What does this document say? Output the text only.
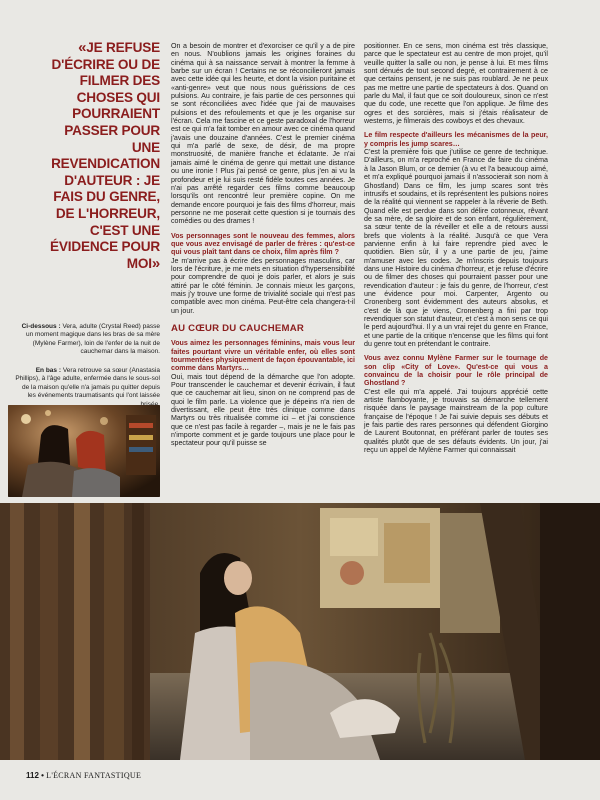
«JE REFUSE D'ÉCRIRE OU DE FILMER DES CHOSES QUI POURRAIENT PASSER POUR UNE REVENDICATION D'AUTEUR : JE FAIS DU GENRE, DE L'HORREUR, C'EST UNE ÉVIDENCE POUR MOI»

Ci-dessous : Vera, adulte (Crystal Reed) passe un moment magique dans les bras de sa mère (Mylène Farmer), loin de l'enfer de la nuit de cauchemar dans la maison.

En bas : Vera retrouve sa sœur (Anastasia Phillips), à l'âge adulte, enfermée dans le sous-sol de la maison qu'elle n'a jamais pu quitter depuis les événements traumatisants qui l'ont laissée

On a besoin de montrer et d'exorciser ce qu'il y a de pire en nous. N'oublions jamais les origines foraines du cinéma qui à sa naissance servait à montrer la femme à barbe sur un écran ! Certains ne se réconcilieront jamais avec cette idée qui les heurte, et dont la vision puritaine et «anti-genre» veut que nous nous guérissions de ces pulsions. Au contraire, je fais partie de ces personnes qui se sont réconciliées avec l'idée que j'ai de mauvaises pulsions et des refoulements et que je les organise sur l'écran. Cela me fascine et ce geste paradoxal de l'horreur est ce qui m'a fait tomber en amour avec ce cinéma quand j'avais une douzaine d'années. C'est le premier cinéma qui m'a parlé de sexe, de désir, de ma propre monstruosité, de manière franche et éclatante. Je n'ai jamais aimé le cinéma de genre qui mettait une distance ou une ironie ! Plus j'ai pensé ce genre, plus j'en ai vu la profondeur et je lui suis resté fidèle toutes ces années. Je n'ai pas arrêté regarder ces films comme beaucoup lorsqu'ils ont rencontré leur première copine. On me demande encore pourquoi je fais des films d'horreur, mais personne ne me poserait cette question si je tournais des comédies ou des drames !

Vos personnages sont le nouveau des femmes, alors que vous avez envisagé de parler de frères : qu'est-ce qui vous plaît tant dans ce choix, film après film ?

Je m'arrive pas à écrire des personnages masculins, car lors de l'écriture, je me mets en situation d'hypersensibilité pour comprendre de quoi je dois parler, et alors je suis attiré par le côté féminin. Je connais mieux les garçons, mais j'y trouve une forme de trivialité sociale qui n'est pas compatible avec mon cinéma. Peut-être cela changera-t-il un jour.

AU CŒUR DU CAUCHEMAR

Vous aimez les personnages féminins, mais vous leur faites pourtant vivre un véritable enfer, où elles sont tourmentées physiquement de façon épouvantable, ici comme dans Martyrs…

Oui, mais tout dépend de la démarche que l'on adopte. Pour transcender le cauchemar et devenir écrivain, il faut que ce cauchemar ait lieu, sinon on ne comprend pas de quoi le film parle. La violence que je dépeins n'a rien de divertissant, elle peut être très clinique comme dans Martyrs ou très ritualisée comme ici – et j'ai conscience que ce n'est pas facile à regarder –, mais je ne le fais pas n'importe comment et je garde toujours une place pour le spectateur pour qu'il puisse se

positionner. En ce sens, mon cinéma est très classique, parce que le spectateur est au centre de mon projet, qu'il veuille quitter la salle ou non, je pense à lui. Et mes films sont dénués de tout second degré, et contrairement à ce que certains pensent, je ne suis pas roublard. Je ne peux pas me mettre une partie de spectateurs à dos. Quand on parle du Mal, il faut que ce soit douloureux, sinon ce n'est que du code, une recette que l'on applique. Je filme des ogres et des sorcières, mais si j'étais réalisateur de westerns, je filmerais des cowboys et des chevaux.

Le film respecte d'ailleurs les mécanismes de la peur, y compris les jump scares…

C'est la première fois que j'utilise ce genre de technique. D'ailleurs, on m'a reproché en France de faire du cinéma à la Jason Blum, or ce dernier (à vu et l'a beaucoup aimé, et m'a expliqué pourquoi jamais il n'associerait son nom à Ghostland) Dans ce film, les jump scares sont très intrusifs et soudains, et ils représentent les pulsions noires de la réalité qui viennent se rappeler à la rêverie de Beth. Quand elle est perdue dans son délire cotonneux, rêvant de sa mère, de sa gloire et de son enfant, régulièrement, sa sœur tente de la réveiller et elle a de retours aussi brefs que violents à la réalité. Jusqu'à ce que Vera parvienne enfin à lui faire reprendre pied avec le quotidien. Bien sûr, il y a une partie de jeu, j'aime m'amuser avec les codes. Je m'inscris depuis toujours dans une Histoire du cinéma d'horreur, et je refuse d'écrire ou de filmer des choses qui pourraient passer pour une revendication d'auteur : je fais du genre, de l'horreur, c'est une évidence pour moi. Carpenter, Argento ou Cronenberg sont évidemment des auteurs absolus, et c'est de là que je viens, Cronenberg a fini par trop revendiquer son statut d'auteur, et c'est à mon sens ce qui le perd aujourd'hui. Il y a un vrai rejet du genre en France, et une partie de la critique n'encense que les films qui font du genre tout en prétendant le contraire.

Vous avez connu Mylène Farmer sur le tournage de son clip «City of Love». Qu'est-ce qui vous a convaincu de la choisir pour le rôle principal de Ghostland ?

C'est elle qui m'a appelé. J'ai toujours apprécié cette artiste flamboyante, je trouvais sa démarche tellement risquée dans le paysage mainstream de la pop culture française de l'époque ! Je l'ai suivie depuis ses débuts et je fais partie des rares personnes qui défendent Giorgino de Laurent Boutonnat, en préférant parler de toutes ses qualités plutôt que de ses défauts évidents. Un jour, j'ai reçu un appel de Mylène Farmer qui connaissait

112 • L'ÉCRAN FANTASTIQUE
